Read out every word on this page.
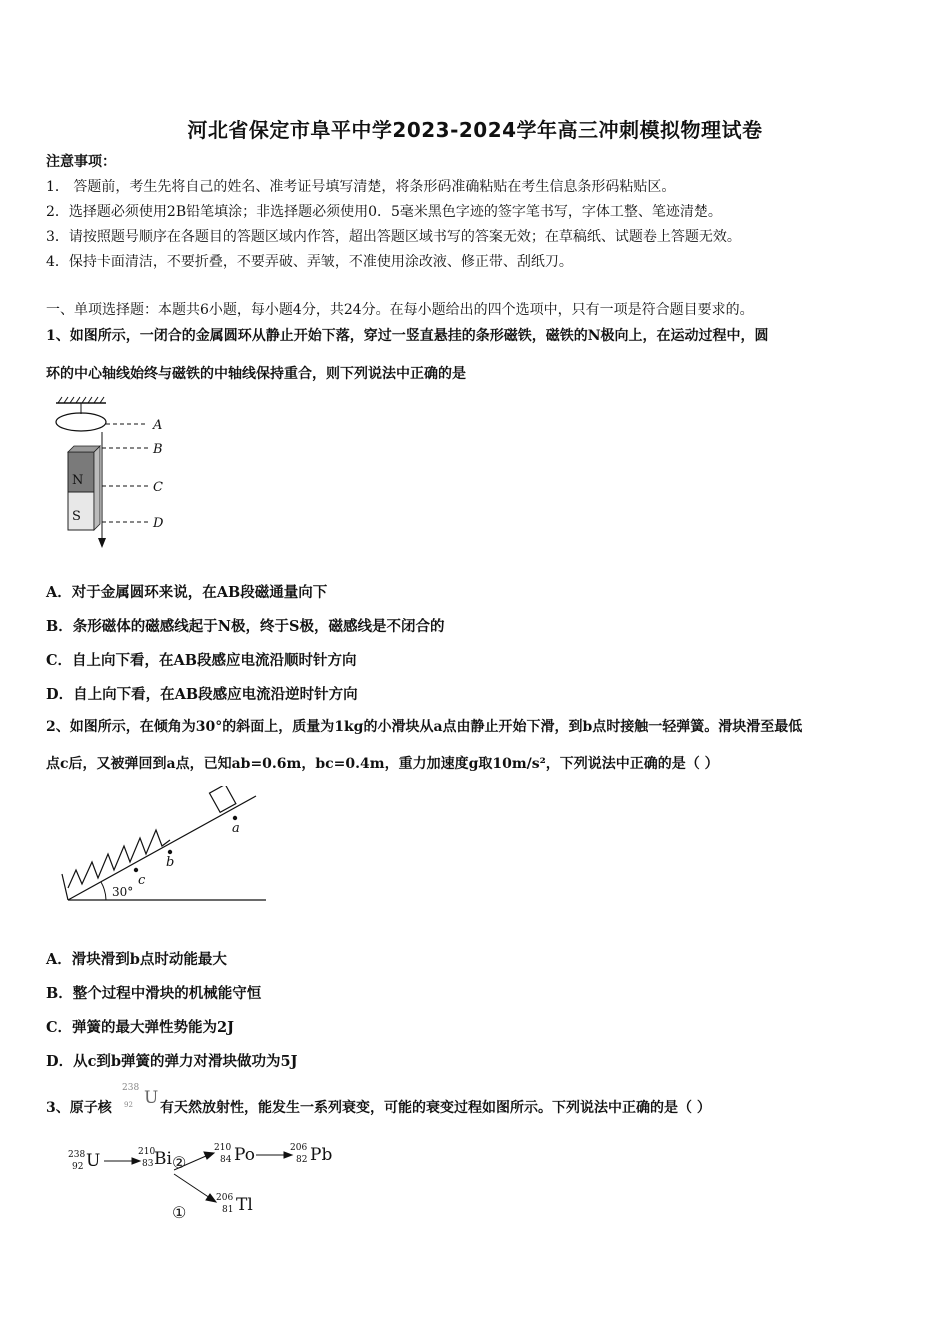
河北省保定市阜平中学2023-2024学年高三冲刺模拟物理试卷
注意事项：
1． 答题前，考生先将自己的姓名、准考证号填写清楚，将条形码准确粘贴在考生信息条形码粘贴区。
2．选择题必须使用2B铅笔填涂；非选择题必须使用0．5毫米黑色字迹的签字笔书写，字体工整、笔迹清楚。
3．请按照题号顺序在各题目的答题区域内作答，超出答题区域书写的答案无效；在草稿纸、试题卷上答题无效。
4．保持卡面清洁，不要折叠，不要弄破、弄皱，不准使用涂改液、修正带、刮纸刀。
一、单项选择题：本题共6小题，每小题4分，共24分。在每小题给出的四个选项中，只有一项是符合题目要求的。
1、如图所示，一闭合的金属圆环从静止开始下落，穿过一竖直悬挂的条形磁铁，磁铁的N极向上，在运动过程中，圆
环的中心轴线始终与磁铁的中轴线保持重合，则下列说法中正确的是
N
S
A
B
C
D
A．对于金属圆环来说，在AB段磁通量向下
B．条形磁体的磁感线起于N极，终于S极，磁感线是不闭合的
C．自上向下看，在AB段感应电流沿顺时针方向
D．自上向下看，在AB段感应电流沿逆时针方向
2、如图所示，在倾角为30°的斜面上，质量为1kg的小滑块从a点由静止开始下滑，到b点时接触一轻弹簧。滑块滑至最低
点c后，又被弹回到a点，已知ab=0.6m，bc=0.4m，重力加速度g取10m/s²，下列说法中正确的是（ ）
a
b
c
30°
A．滑块滑到b点时动能最大
B．整个过程中滑块的机械能守恒
C．弹簧的最大弹性势能为2J
D．从c到b弹簧的弹力对滑块做功为5J
3、原子核
238
92 U 有天然放射性，能发生一系列衰变，可能的衰变过程如图所示。下列说法中正确的是（ ）
238
92 U	210
83 Bi
210
84 Po	206
82 Pb
206
81 Tl
②
①
